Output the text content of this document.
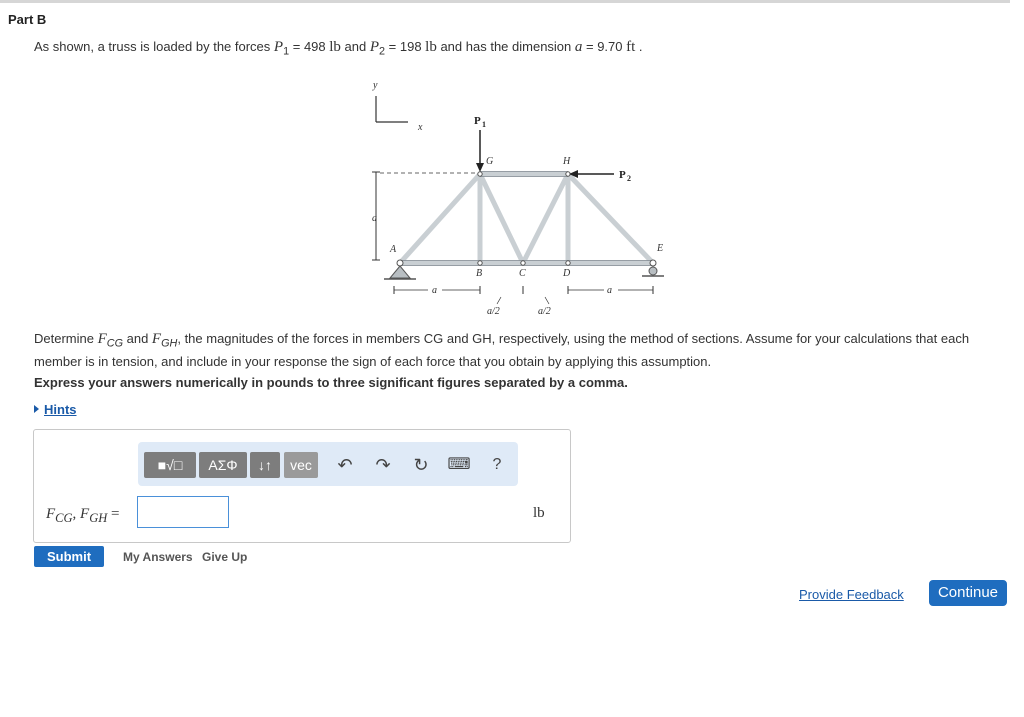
Part B
As shown, a truss is loaded by the forces $P_1 = 498$ lb and $P_2 = 198$ lb and has the dimension a = 9.70 ft .
y
x
a
P 1
P 2
G	H
A
B	C	D
E
a	a
a/2	a/2
Determine $F_{CG}$ and $F_{GH}$, the magnitudes of the forces in members CG and GH, respectively, using the method of sections. Assume for your calculations that each member is in tension, and include in your response the sign of each force that you obtain by applying this assumption.
Express your answers numerically in pounds to three significant figures separated by a comma.
Hints
■√□	ΑΣΦ	↓↑	vec	↶	↷	↻	⌨	?
$F_{CG}$, $F_{GH}$ =	lb
Submit	My Answers Give Up
Provide Feedback	Continue
